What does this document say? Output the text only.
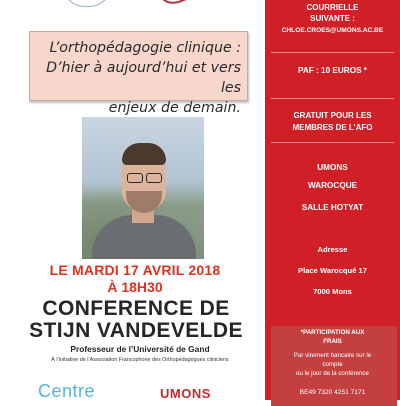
L’orthopédagogie clinique :
D’hier à aujourd’hui et vers les
enjeux de demain.
LE MARDI 17 AVRIL 2018
À 18H30
CONFERENCE DE
STIJN VANDEVELDE
Professeur de l’Université de Gand
À l’initiative de l’Association Francophone des Orthopédagogues cliniciens
Centre	UMONS
COURRIELLE
SUIVANTE :
CHLOE.CROES@UMONS.AC.BE
PAF : 10 EUROS *
GRATUIT POUR LES
MEMBRES DE L’AFO
UMONS
WAROCQUE
SALLE HOTYAT
Adresse
Place Warocqué 17
7000 Mons
*PARTICIPATION AUX
FRAIS
Par virement bancaire sur le
compte
ou le jour de la conférence
BE49 7320 4251 7171
